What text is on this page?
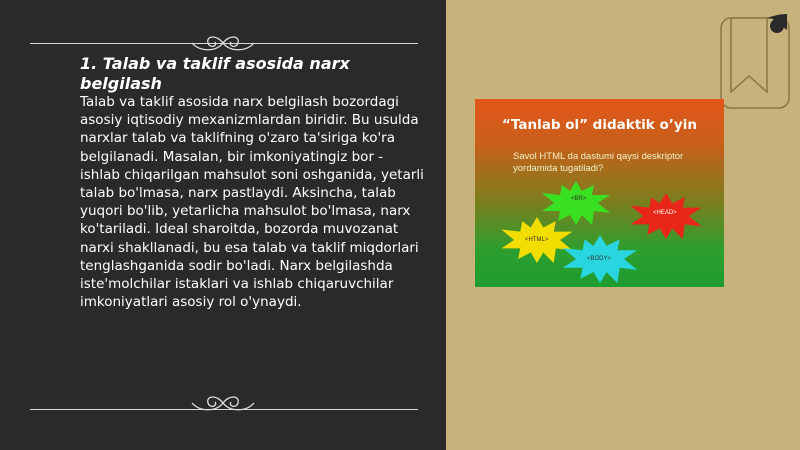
1. Talab va taklif asosida narx belgilash

Talab va taklif asosida narx belgilash bozordagi asosiy iqtisodiy mexanizmlardan biridir. Bu usulda narxlar talab va taklifning o'zaro ta'siriga ko'ra belgilanadi. Masalan, bir imkoniyatingiz bor - ishlab chiqarilgan mahsulot soni oshganida, yetarli talab bo'lmasa, narx pastlaydi. Aksincha, talab yuqori bo'lib, yetarlicha mahsulot bo'lmasa, narx ko'tariladi. Ideal sharoitda, bozorda muvozanat narxi shakllanadi, bu esa talab va taklif miqdorlari tenglashganida sodir bo'ladi. Narx belgilashda iste'molchilar istaklari va ishlab chiqaruvchilar imkoniyatlari asosiy rol o'ynaydi.

“Tanlab ol” didaktik o’yin
Savol HTML da dastumi qaysi deskriptor yordamida tugatiladi?
<BR>
<HEAD>
<HTML>
<BODY>
